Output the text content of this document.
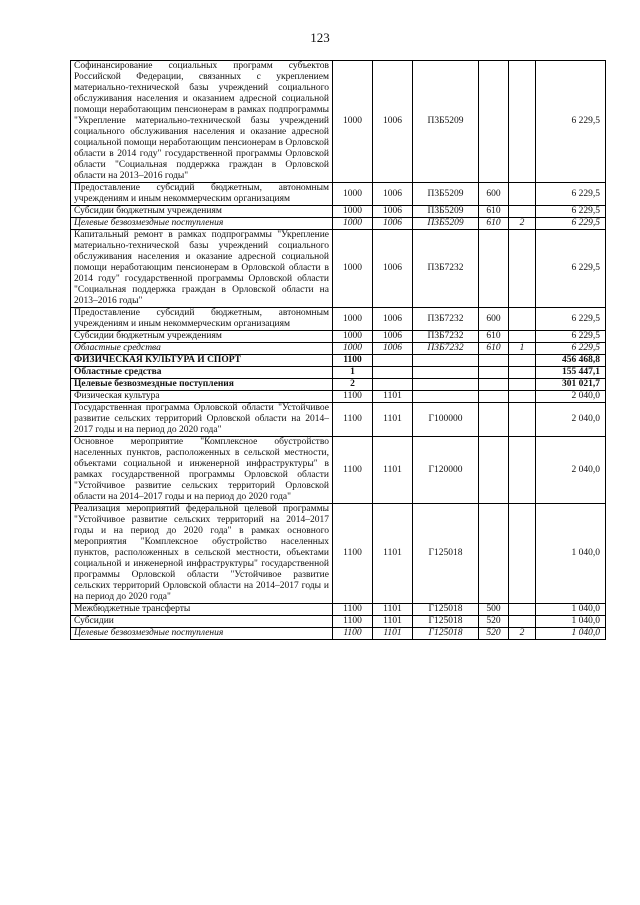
123
Софинансирование социальных программ субъектов Российской Федерации, связанных с укреплением материально-технической базы учреждений социального обслуживания населения и оказанием адресной социальной помощи неработающим пенсионерам в рамках подпрограммы "Укрепление материально-технической базы учреждений социального обслуживания населения и оказание адресной социальной помощи неработающим пенсионерам в Орловской области в 2014 году" государственной программы Орловской области "Социальная поддержка граждан в Орловской области на 2013–2016 годы"	1000	1006	П3Б5209			6 229,5
Предоставление субсидий бюджетным, автономным учреждениям и иным некоммерческим организациям	1000	1006	П3Б5209	600		6 229,5
Субсидии бюджетным учреждениям	1000	1006	П3Б5209	610		6 229,5
Целевые безвозмездные поступления	1000	1006	П3Б5209	610	2	6 229,5
Капитальный ремонт в рамках подпрограммы "Укрепление материально-технической базы учреждений социального обслуживания населения и оказание адресной социальной помощи неработающим пенсионерам в Орловской области в 2014 году" государственной программы Орловской области "Социальная поддержка граждан в Орловской области на 2013–2016 годы"	1000	1006	П3Б7232			6 229,5
Предоставление субсидий бюджетным, автономным учреждениям и иным некоммерческим организациям	1000	1006	П3Б7232	600		6 229,5
Субсидии бюджетным учреждениям	1000	1006	П3Б7232	610		6 229,5
Областные средства	1000	1006	П3Б7232	610	1	6 229,5
ФИЗИЧЕСКАЯ КУЛЬТУРА И СПОРТ	1100					456 468,8
Областные средства	1					155 447,1
Целевые безвозмездные поступления	2					301 021,7
Физическая культура	1100	1101				2 040,0
Государственная программа Орловской области "Устойчивое развитие сельских территорий Орловской области на 2014–2017 годы и на период до 2020 года"	1100	1101	Г100000			2 040,0
Основное мероприятие "Комплексное обустройство населенных пунктов, расположенных в сельской местности, объектами социальной и инженерной инфраструктуры" в рамках государственной программы Орловской области "Устойчивое развитие сельских территорий Орловской области на 2014–2017 годы и на период до 2020 года"	1100	1101	Г120000			2 040,0
Реализация мероприятий федеральной целевой программы "Устойчивое развитие сельских территорий на 2014–2017 годы и на период до 2020 года" в рамках основного мероприятия "Комплексное обустройство населенных пунктов, расположенных в сельской местности, объектами социальной и инженерной инфраструктуры" государственной программы Орловской области "Устойчивое развитие сельских территорий Орловской области на 2014–2017 годы и на период до 2020 года"	1100	1101	Г125018			1 040,0
Межбюджетные трансферты	1100	1101	Г125018	500		1 040,0
Субсидии	1100	1101	Г125018	520		1 040,0
Целевые безвозмездные поступления	1100	1101	Г125018	520	2	1 040,0
